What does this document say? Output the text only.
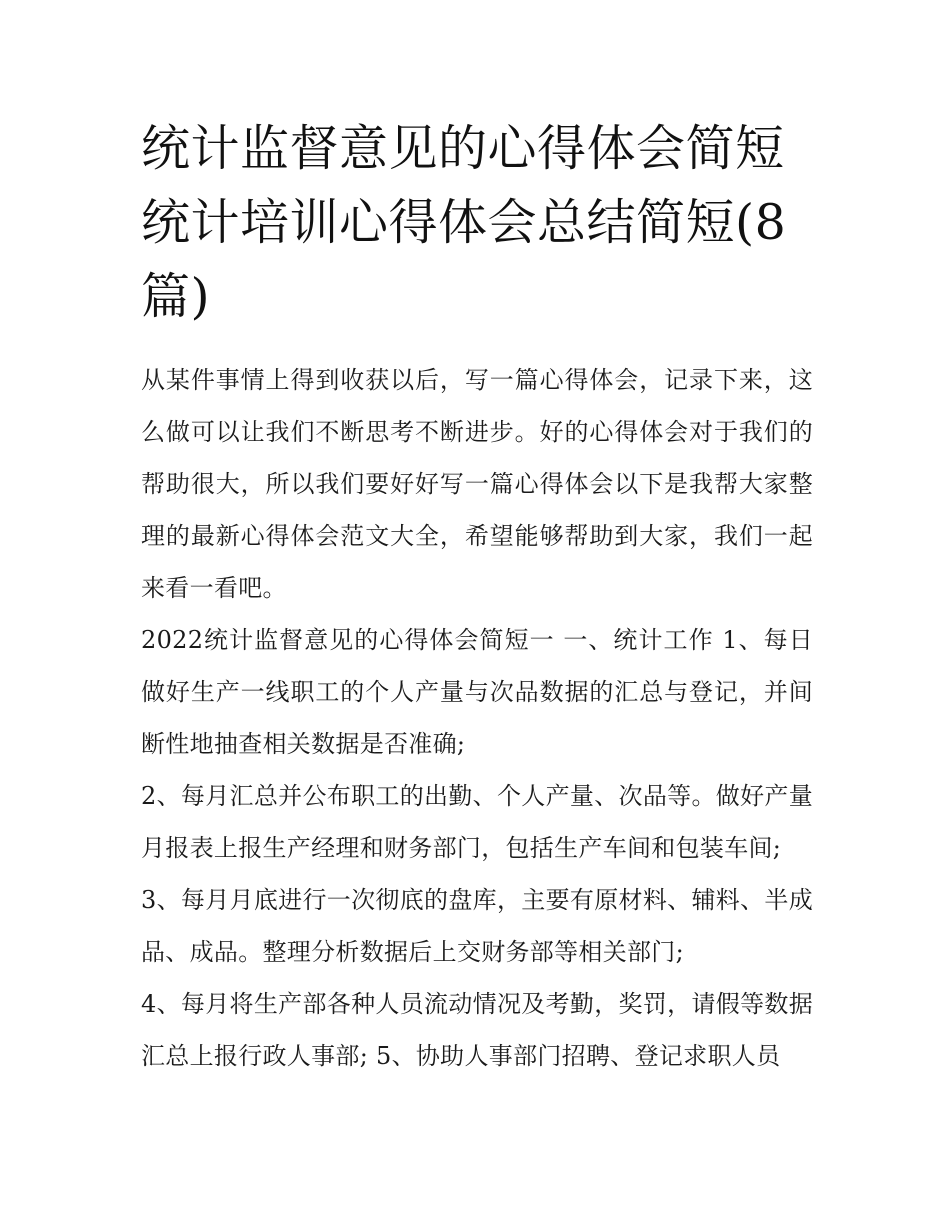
统计监督意见的心得体会简短统计培训心得体会总结简短(8篇)

从某件事情上得到收获以后，写一篇心得体会，记录下来，这么做可以让我们不断思考不断进步。好的心得体会对于我们的帮助很大，所以我们要好好写一篇心得体会以下是我帮大家整理的最新心得体会范文大全，希望能够帮助到大家，我们一起来看一看吧。

2022统计监督意见的心得体会简短一 一、统计工作 1、每日做好生产一线职工的个人产量与次品数据的汇总与登记，并间断性地抽查相关数据是否准确;

2、每月汇总并公布职工的出勤、个人产量、次品等。做好产量月报表上报生产经理和财务部门，包括生产车间和包装车间;

3、每月月底进行一次彻底的盘库，主要有原材料、辅料、半成品、成品。整理分析数据后上交财务部等相关部门;

4、每月将生产部各种人员流动情况及考勤，奖罚，请假等数据汇总上报行政人事部; 5、协助人事部门招聘、登记求职人员
